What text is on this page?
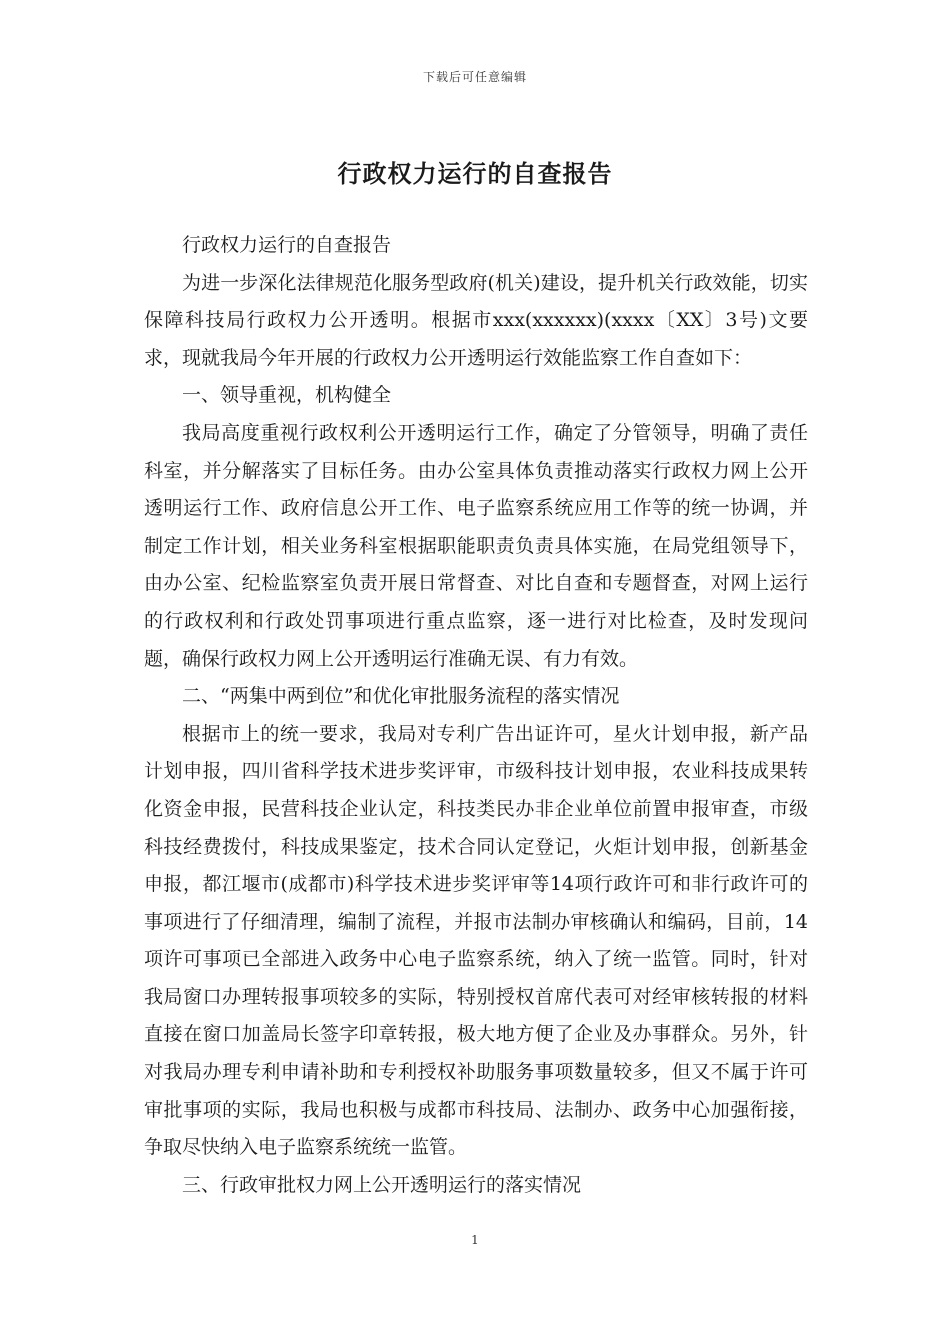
下载后可任意编辑
行政权力运行的自查报告

行政权力运行的自查报告

为进一步深化法律规范化服务型政府(机关)建设，提升机关行政效能，切实保障科技局行政权力公开透明。根据市xxx(xxxxxx)(xxxx〔XX〕3号)文要求，现就我局今年开展的行政权力公开透明运行效能监察工作自查如下：

一、领导重视，机构健全

我局高度重视行政权利公开透明运行工作，确定了分管领导，明确了责任科室，并分解落实了目标任务。由办公室具体负责推动落实行政权力网上公开透明运行工作、政府信息公开工作、电子监察系统应用工作等的统一协调，并制定工作计划，相关业务科室根据职能职责负责具体实施，在局党组领导下，由办公室、纪检监察室负责开展日常督查、对比自查和专题督查，对网上运行的行政权利和行政处罚事项进行重点监察，逐一进行对比检查，及时发现问题，确保行政权力网上公开透明运行准确无误、有力有效。

二、“两集中两到位”和优化审批服务流程的落实情况

根据市上的统一要求，我局对专利广告出证许可，星火计划申报，新产品计划申报，四川省科学技术进步奖评审，市级科技计划申报，农业科技成果转化资金申报，民营科技企业认定，科技类民办非企业单位前置申报审查，市级科技经费拨付，科技成果鉴定，技术合同认定登记，火炬计划申报，创新基金申报，都江堰市(成都市)科学技术进步奖评审等14项行政许可和非行政许可的事项进行了仔细清理，编制了流程，并报市法制办审核确认和编码，目前，14项许可事项已全部进入政务中心电子监察系统，纳入了统一监管。同时，针对我局窗口办理转报事项较多的实际，特别授权首席代表可对经审核转报的材料直接在窗口加盖局长签字印章转报，极大地方便了企业及办事群众。另外，针对我局办理专利申请补助和专利授权补助服务事项数量较多，但又不属于许可审批事项的实际，我局也积极与成都市科技局、法制办、政务中心加强衔接，争取尽快纳入电子监察系统统一监管。

三、行政审批权力网上公开透明运行的落实情况

1
